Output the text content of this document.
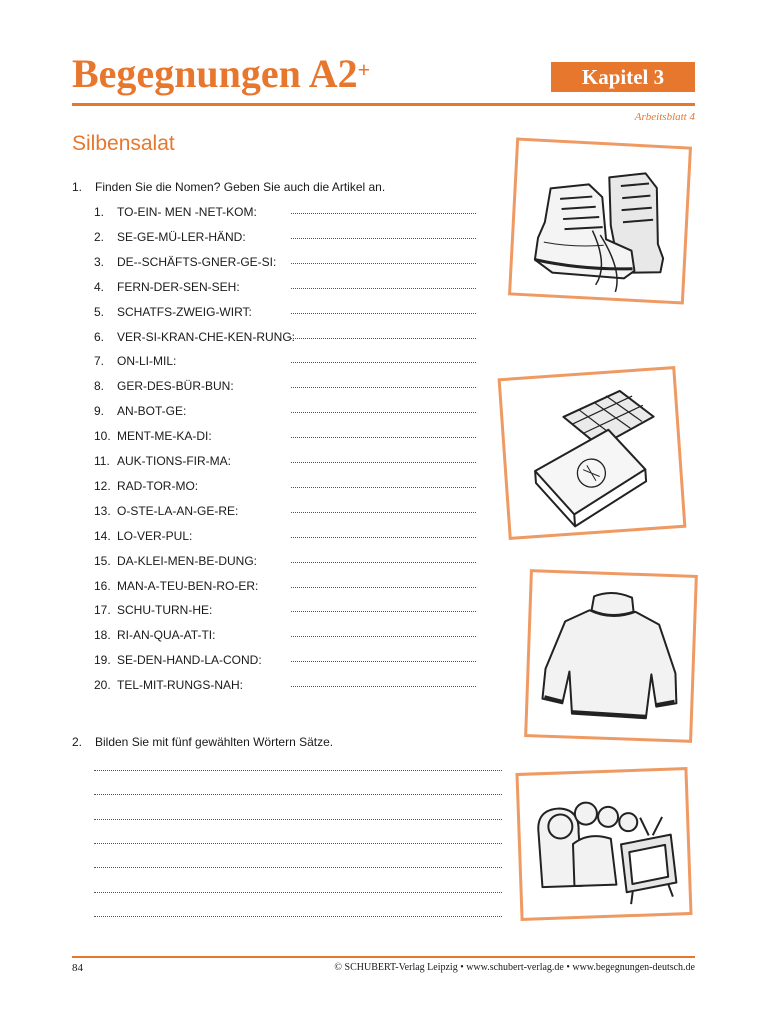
Begegnungen A2+	Kapitel 3
Arbeitsblatt 4
Silbensalat
1. Finden Sie die Nomen? Geben Sie auch die Artikel an.
1. TO-EIN- MEN -NET-KOM:
2. SE-GE-MÜ-LER-HÄND:
3. DE--SCHÄFTS-GNER-GE-SI:
4. FERN-DER-SEN-SEH:
5. SCHATFS-ZWEIG-WIRT:
6. VER-SI-KRAN-CHE-KEN-RUNG:
7. ON-LI-MIL:
8. GER-DES-BÜR-BUN:
9. AN-BOT-GE:
10. MENT-ME-KA-DI:
11. AUK-TIONS-FIR-MA:
12. RAD-TOR-MO:
13. O-STE-LA-AN-GE-RE:
14. LO-VER-PUL:
15. DA-KLEI-MEN-BE-DUNG:
16. MAN-A-TEU-BEN-RO-ER:
17. SCHU-TURN-HE:
18. RI-AN-QUA-AT-TI:
19. SE-DEN-HAND-LA-COND:
20. TEL-MIT-RUNGS-NAH:
2. Bilden Sie mit fünf gewählten Wörtern Sätze.
84	© SCHUBERT-Verlag Leipzig • www.schubert-verlag.de • www.begegnungen-deutsch.de
